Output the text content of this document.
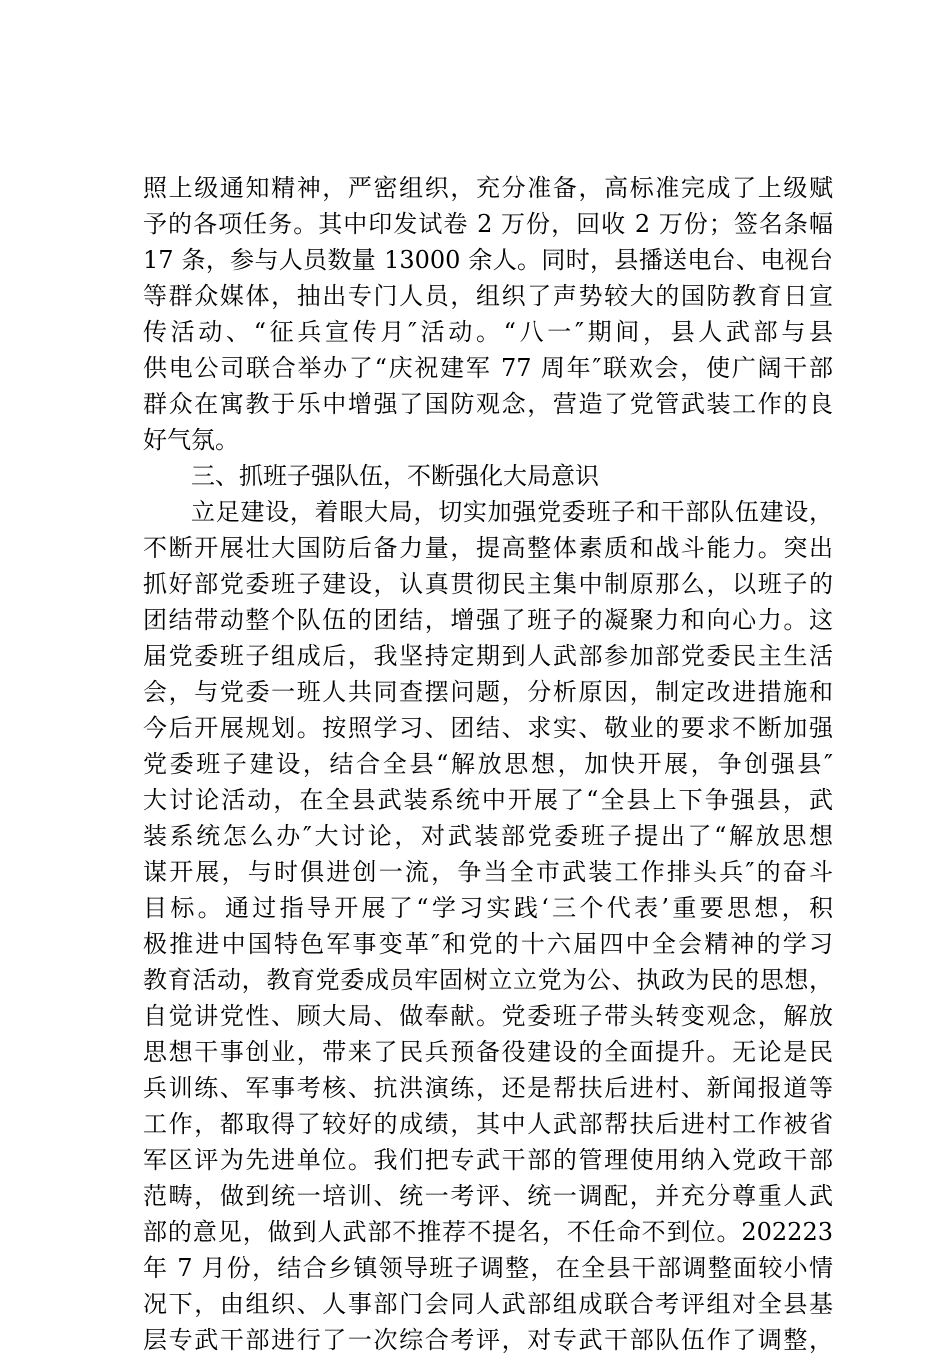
照上级通知精神，严密组织，充分准备，高标准完成了上级赋
予的各项任务。其中印发试卷 2 万份，回收 2 万份；签名条幅
17 条，参与人员数量 13000 余人。同时，县播送电台、电视台
等群众媒体，抽出专门人员，组织了声势较大的国防教育日宣
传活动、“征兵宣传月″活动。“八一″期间，县人武部与县
供电公司联合举办了“庆祝建军 77 周年″联欢会，使广阔干部
群众在寓教于乐中增强了国防观念，营造了党管武装工作的良
好气氛。
三、抓班子强队伍，不断强化大局意识
立足建设，着眼大局，切实加强党委班子和干部队伍建设，
不断开展壮大国防后备力量，提高整体素质和战斗能力。突出
抓好部党委班子建设，认真贯彻民主集中制原那么，以班子的
团结带动整个队伍的团结，增强了班子的凝聚力和向心力。这
届党委班子组成后，我坚持定期到人武部参加部党委民主生活
会，与党委一班人共同查摆问题，分析原因，制定改进措施和
今后开展规划。按照学习、团结、求实、敬业的要求不断加强
党委班子建设，结合全县“解放思想，加快开展，争创强县″
大讨论活动，在全县武装系统中开展了“全县上下争强县，武
装系统怎么办″大讨论，对武装部党委班子提出了“解放思想
谋开展，与时俱进创一流，争当全市武装工作排头兵″的奋斗
目标。通过指导开展了“学习实践‘三个代表’重要思想，积
极推进中国特色军事变革″和党的十六届四中全会精神的学习
教育活动，教育党委成员牢固树立立党为公、执政为民的思想，
自觉讲党性、顾大局、做奉献。党委班子带头转变观念，解放
思想干事创业，带来了民兵预备役建设的全面提升。无论是民
兵训练、军事考核、抗洪演练，还是帮扶后进村、新闻报道等
工作，都取得了较好的成绩，其中人武部帮扶后进村工作被省
军区评为先进单位。我们把专武干部的管理使用纳入党政干部
范畴，做到统一培训、统一考评、统一调配，并充分尊重人武
部的意见，做到人武部不推荐不提名，不任命不到位。202223
年 7 月份，结合乡镇领导班子调整，在全县干部调整面较小情
况下，由组织、人事部门会同人武部组成联合考评组对全县基
层专武干部进行了一次综合考评，对专武干部队伍作了调整，
